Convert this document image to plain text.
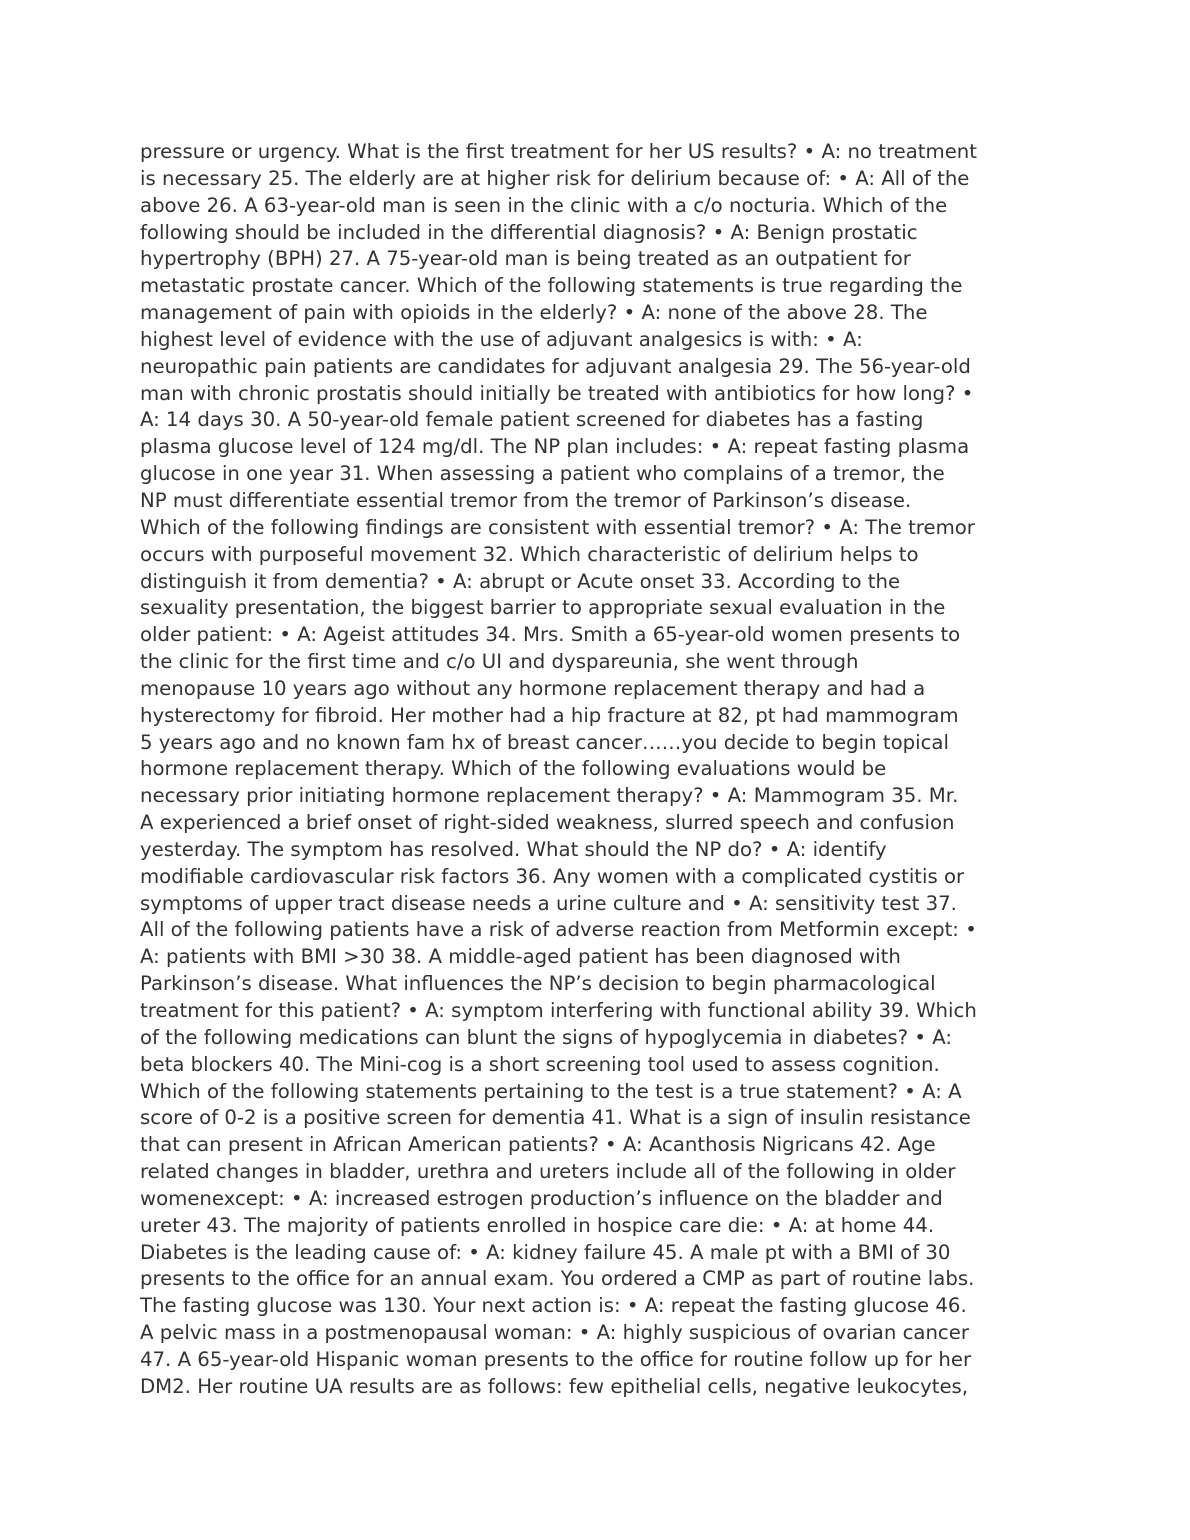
pressure or urgency. What is the first treatment for her US results? • A: no treatment
is necessary 25. The elderly are at higher risk for delirium because of: • A: All of the
above 26. A 63-year-old man is seen in the clinic with a c/o nocturia. Which of the
following should be included in the differential diagnosis? • A: Benign prostatic
hypertrophy (BPH) 27. A 75-year-old man is being treated as an outpatient for
metastatic prostate cancer. Which of the following statements is true regarding the
management of pain with opioids in the elderly? • A: none of the above 28. The
highest level of evidence with the use of adjuvant analgesics is with: • A:
neuropathic pain patients are candidates for adjuvant analgesia 29. The 56-year-old
man with chronic prostatis should initially be treated with antibiotics for how long? •
A: 14 days 30. A 50-year-old female patient screened for diabetes has a fasting
plasma glucose level of 124 mg/dl. The NP plan includes: • A: repeat fasting plasma
glucose in one year 31. When assessing a patient who complains of a tremor, the
NP must differentiate essential tremor from the tremor of Parkinson’s disease.
Which of the following findings are consistent with essential tremor? • A: The tremor
occurs with purposeful movement 32. Which characteristic of delirium helps to
distinguish it from dementia? • A: abrupt or Acute onset 33. According to the
sexuality presentation, the biggest barrier to appropriate sexual evaluation in the
older patient: • A: Ageist attitudes 34. Mrs. Smith a 65-year-old women presents to
the clinic for the first time and c/o UI and dyspareunia, she went through
menopause 10 years ago without any hormone replacement therapy and had a
hysterectomy for fibroid. Her mother had a hip fracture at 82, pt had mammogram
5 years ago and no known fam hx of breast cancer……you decide to begin topical
hormone replacement therapy. Which of the following evaluations would be
necessary prior initiating hormone replacement therapy? • A: Mammogram 35. Mr.
A experienced a brief onset of right-sided weakness, slurred speech and confusion
yesterday. The symptom has resolved. What should the NP do? • A: identify
modifiable cardiovascular risk factors 36. Any women with a complicated cystitis or
symptoms of upper tract disease needs a urine culture and • A: sensitivity test 37.
All of the following patients have a risk of adverse reaction from Metformin except: •
A: patients with BMI >30 38. A middle-aged patient has been diagnosed with
Parkinson’s disease. What influences the NP’s decision to begin pharmacological
treatment for this patient? • A: symptom interfering with functional ability 39. Which
of the following medications can blunt the signs of hypoglycemia in diabetes? • A:
beta blockers 40. The Mini-cog is a short screening tool used to assess cognition.
Which of the following statements pertaining to the test is a true statement? • A: A
score of 0-2 is a positive screen for dementia 41. What is a sign of insulin resistance
that can present in African American patients? • A: Acanthosis Nigricans 42. Age
related changes in bladder, urethra and ureters include all of the following in older
womenexcept: • A: increased estrogen production’s influence on the bladder and
ureter 43. The majority of patients enrolled in hospice care die: • A: at home 44.
Diabetes is the leading cause of: • A: kidney failure 45. A male pt with a BMI of 30
presents to the office for an annual exam. You ordered a CMP as part of routine labs.
The fasting glucose was 130. Your next action is: • A: repeat the fasting glucose 46.
A pelvic mass in a postmenopausal woman: • A: highly suspicious of ovarian cancer
47. A 65-year-old Hispanic woman presents to the office for routine follow up for her
DM2. Her routine UA results are as follows: few epithelial cells, negative leukocytes,
